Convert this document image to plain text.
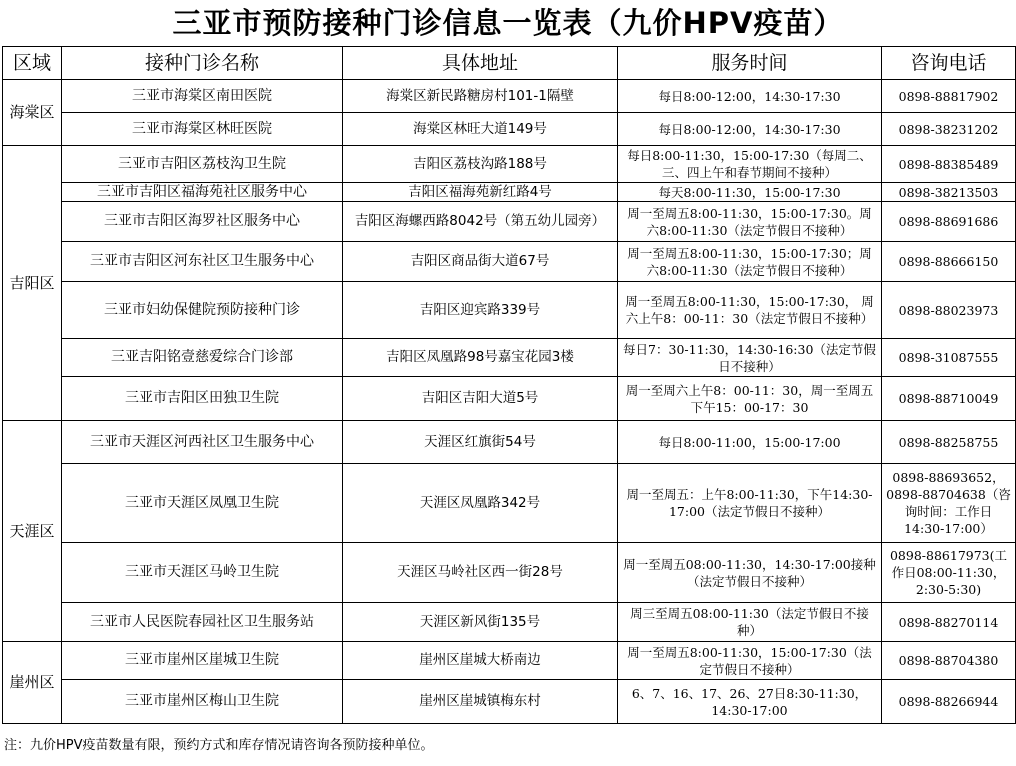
三亚市预防接种门诊信息一览表（九价HPV疫苗）
区域	接种门诊名称	具体地址	服务时间	咨询电话
海棠区	三亚市海棠区南田医院	海棠区新民路糖房村101-1隔壁	每日8:00-12:00，14:30-17:30	0898-88817902
	三亚市海棠区林旺医院	海棠区林旺大道149号	每日8:00-12:00，14:30-17:30	0898-38231202
吉阳区	三亚市吉阳区荔枝沟卫生院	吉阳区荔枝沟路188号	每日8:00-11:30，15:00-17:30（每周二、三、四上午和春节期间不接种）	0898-88385489
	三亚市吉阳区福海苑社区服务中心	吉阳区福海苑新红路4号	每天8:00-11:30，15:00-17:30	0898-38213503
	三亚市吉阳区海罗社区服务中心	吉阳区海螺西路8042号（第五幼儿园旁）	周一至周五8:00-11:30，15:00-17:30。周六8:00-11:30（法定节假日不接种）	0898-88691686
	三亚市吉阳区河东社区卫生服务中心	吉阳区商品街大道67号	周一至周五8:00-11:30，15:00-17:30；周六8:00-11:30（法定节假日不接种）	0898-88666150
	三亚市妇幼保健院预防接种门诊	吉阳区迎宾路339号	周一至周五8:00-11:30，15:00-17:30， 周六上午8：00-11：30（法定节假日不接种）	0898-88023973
	三亚吉阳铭壹慈爱综合门诊部	吉阳区凤凰路98号嘉宝花园3楼	每日7：30-11:30，14:30-16:30（法定节假日不接种）	0898-31087555
	三亚市吉阳区田独卫生院	吉阳区吉阳大道5号	周一至周六上午8：00-11：30，周一至周五下午15：00-17：30	0898-88710049
天涯区	三亚市天涯区河西社区卫生服务中心	天涯区红旗街54号	每日8:00-11:00，15:00-17:00	0898-88258755
	三亚市天涯区凤凰卫生院	天涯区凤凰路342号	周一至周五：上午8:00-11:30，下午14:30-17:00（法定节假日不接种）	0898-88693652，0898-88704638（咨询时间：工作日14:30-17:00）
	三亚市天涯区马岭卫生院	天涯区马岭社区西一街28号	周一至周五08:00-11:30，14:30-17:00接种（法定节假日不接种）	0898-88617973(工作日08:00-11:30，2:30-5:30)
	三亚市人民医院春园社区卫生服务站	天涯区新风街135号	周三至周五08:00-11:30（法定节假日不接种）	0898-88270114
崖州区	三亚市崖州区崖城卫生院	崖州区崖城大桥南边	周一至周五8:00-11:30，15:00-17:30（法定节假日不接种）	0898-88704380
	三亚市崖州区梅山卫生院	崖州区崖城镇梅东村	6、7、16、17、26、27日8:30-11:30，14:30-17:00	0898-88266944
注：九价HPV疫苗数量有限，预约方式和库存情况请咨询各预防接种单位。
